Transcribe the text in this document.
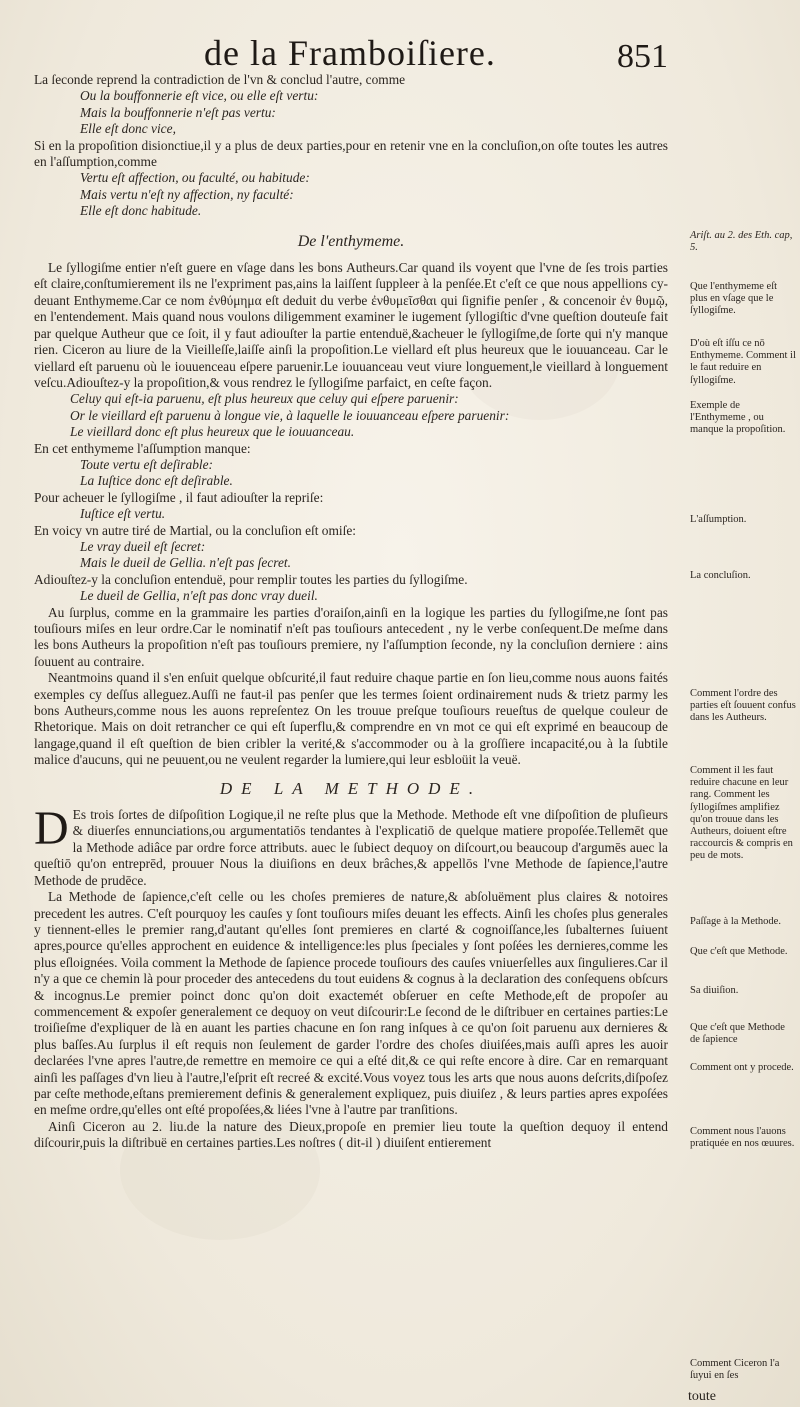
de la Framboiſiere.	851

La ſeconde reprend la contradiction de l'vn & conclud l'autre, comme

Ou la bouffonnerie eſt vice, ou elle eſt vertu:

Mais la bouffonnerie n'eſt pas vertu:

Elle eſt donc vice,

Si en la propoſition disionctiue,il y a plus de deux parties,pour en retenir vne en la concluſion,on oſte toutes les autres en l'aſſumption,comme

Vertu eſt affection, ou faculté, ou habitude:

Mais vertu n'eſt ny affection, ny faculté:

Elle eſt donc habitude.

De l'enthymeme.

Le ſyllogiſme entier n'eſt guere en vſage dans les bons Autheurs.Car quand ils voyent que l'vne de ſes trois parties eſt claire,conſtumierement ils ne l'expriment pas,ains la laiſſent ſuppleer à la penſée.Et c'eſt ce que nous appellions cy-deuant Enthymeme.Car ce nom ἐνθύμημα eſt deduit du verbe ἐνθυμεῖσθαι qui ſignifie penſer , & concenoir ἐν θυμῷ, en l'entendement. Mais quand nous voulons diligemment examiner le iugement ſyllogiſtic d'vne queſtion douteuſe fait par quelque Autheur que ce ſoit, il y faut adiouſter la partie entenduë,&acheuer le ſyllogiſme,de ſorte qui n'y manque rien. Ciceron au liure de la Vieilleſſe,laiſſe ainſi la propoſition.Le viellard eſt plus heureux que le iouuanceau. Car le viellard eſt paruenu où le iouuenceau eſpere paruenir.Le iouuanceau veut viure longuement,le vieillard à longuement veſcu.Adiouſtez-y la propoſition,& vous rendrez le ſyllogiſme parfaict, en ceſte façon.

Celuy qui eſt-ia paruenu, eſt plus heureux que celuy qui eſpere paruenir:

Or le vieillard eſt paruenu à longue vie, à laquelle le iouuanceau eſpere paruenir:

Le vieillard donc eſt plus heureux que le iouuanceau.

En cet enthymeme l'aſſumption manque:

Toute vertu eſt deſirable:

La Iuſtice donc eſt deſirable.

Pour acheuer le ſyllogiſme , il faut adiouſter la repriſe:

Iuſtice eſt vertu.

En voicy vn autre tiré de Martial, ou la concluſion eſt omiſe:

Le vray dueil eſt ſecret:

Mais le dueil de Gellia. n'eſt pas ſecret.

Adiouſtez-y la concluſion entenduë, pour remplir toutes les parties du ſyllogiſme.

Le dueil de Gellia, n'eſt pas donc vray dueil.

Au ſurplus, comme en la grammaire les parties d'oraiſon,ainſi en la logique les parties du ſyllogiſme,ne ſont pas touſiours miſes en leur ordre.Car le nominatif n'eſt pas touſiours antecedent , ny le verbe conſequent.De meſme dans les bons Autheurs la propoſition n'eſt pas touſiours premiere, ny l'aſſumption ſeconde, ny la concluſion derniere : ains ſouuent au contraire.

Neantmoins quand il s'en enſuit quelque obſcurité,il faut reduire chaque partie en ſon lieu,comme nous auons faités exemples cy deſſus alleguez.Auſſi ne faut-il pas penſer que les termes ſoient ordinairement nuds & trietz parmy les bons Autheurs,comme nous les auons repreſentez On les trouue preſque touſiours reueſtus de quelque couleur de Rhetorique. Mais on doit retrancher ce qui eſt ſuperflu,& comprendre en vn mot ce qui eſt exprimé en beaucoup de langage,quand il eſt queſtion de bien cribler la verité,& s'accommoder ou à la groſſiere incapacité,ou à la ſubtile malice d'aucuns, qui ne peuuent,ou ne veulent regarder la lumiere,qui leur esbloüit la veuë.

DE LA METHODE.

D Es trois ſortes de diſpoſition Logique,il ne reſte plus que la Methode. Methode eſt vne diſpoſition de pluſieurs & diuerſes ennunciations,ou argumentatiōs tendantes à l'explicatiō de quelque matiere propoſée.Tellemēt que la Methode adiâce par ordre force attributs. auec le ſubiect dequoy on diſcourt,ou beaucoup d'argumēs auec la queſtiō qu'on entreprēd, prouuer Nous la diuiſions en deux brâches,& appellōs l'vne Methode de ſapience,l'autre Methode de prudēce.

La Methode de ſapience,c'eſt celle ou les choſes premieres de nature,& abſoluëment plus claires & notoires precedent les autres. C'eſt pourquoy les cauſes y ſont touſiours miſes deuant les effects. Ainſi les choſes plus generales y tiennent-elles le premier rang,d'autant qu'elles ſont premieres en clarté & cognoiſſance,les ſubalternes ſuiuent apres,pource qu'elles approchent en euidence & intelligence:les plus ſpeciales y ſont poſées les dernieres,comme les plus eſloignées. Voila comment la Methode de ſapience procede touſiours des cauſes vniuerſelles aux ſingulieres.Car il n'y a que ce chemin là pour proceder des antecedens du tout euidens & cognus à la declaration des conſequens obſcurs & incognus.Le premier poinct donc qu'on doit exactemét obſeruer en ceſte Methode,eſt de propoſer au commencement & expoſer generalement ce dequoy on veut diſcourir:Le ſecond de le diſtribuer en certaines parties:Le troiſieſme d'expliquer de là en auant les parties chacune en ſon rang inſques à ce qu'on ſoit paruenu aux dernieres & plus baſſes.Au ſurplus il eſt requis non ſeulement de garder l'ordre des choſes diuiſées,mais auſſi apres les auoir declarées l'vne apres l'autre,de remettre en memoire ce qui a eſté dit,& ce qui reſte encore à dire. Car en remarquant ainſi les paſſages d'vn lieu à l'autre,l'eſprit eſt recreé & excité.Vous voyez tous les arts que nous auons deſcrits,diſpoſez par ceſte methode,eſtans premierement definis & generalement expliquez, puis diuiſez , & leurs parties apres expoſées en meſme ordre,qu'elles ont eſté propoſées,& liées l'vne à l'autre par tranſitions.

Ainſi Ciceron au 2. liu.de la nature des Dieux,propoſe en premier lieu toute la queſtion dequoy il entend diſcourir,puis la diſtribuë en certaines parties.Les noſtres ( dit-il ) diuiſent entierement

Ariſt. au 2. des Eth. cap, 5.
Que l'enthymeme eſt plus en vſage que le ſyllogiſme.
D'où eſt iſſu ce nō Enthymeme. Comment il le faut reduire en ſyllogiſme.
Exemple de l'Enthymeme , ou manque la propoſition.
L'aſſumption.
La concluſion.
Comment l'ordre des parties eſt ſouuent confus dans les Autheurs.
Comment il les faut reduire chacune en leur rang. Comment les ſyllogiſmes amplifiez qu'on trouue dans les Autheurs, doiuent eſtre raccourcis & compris en peu de mots.
Paſſage à la Methode.
Que c'eſt que Methode.
Sa diuiſion.
Que c'eſt que Methode de ſapience
Comment ont y procede.
Comment nous l'auons pratiquée en nos œuures.
Comment Ciceron l'a ſuyui en ſes
toute
